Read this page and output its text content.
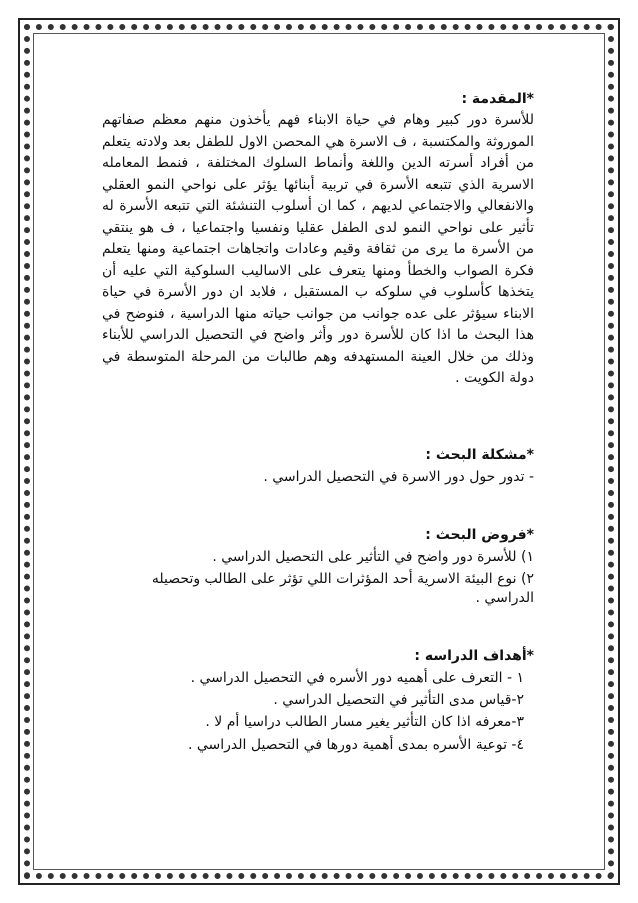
*المقدمة :

للأسرة دور كبير وهام في حياة الابناء فهم يأخذون منهم معظم صفاتهم الموروثة والمكتسبة ، ف الاسرة هي المحصن الاول للطفل بعد ولادته يتعلم من أفراد أسرته الدين واللغة وأنماط السلوك المختلفة ، فنمط المعامله الاسرية الذي تتبعه الأسرة في تربية أبنائها يؤثر على نواحي النمو العقلي والانفعالي والاجتماعي لديهم ، كما ان أسلوب التنشئة التي تتبعه الأسرة له تأثير على نواحي النمو لدى الطفل عقليا ونفسيا واجتماعيا ، ف هو ينتقي من الأسرة ما يرى من ثقافة وقيم وعادات واتجاهات اجتماعية ومنها يتعلم فكرة الصواب والخطأ ومنها يتعرف على الاساليب السلوكية التي عليه أن يتخذها كأسلوب في سلوكه ب المستقبل ، فلابد ان دور الأسرة في حياة الابناء سيؤثر على عده جوانب من جوانب حياته منها الدراسية ، فنوضح في هذا البحث ما اذا كان للأسرة دور وأثر واضح في التحصيل الدراسي للأبناء وذلك من خلال العينة المستهدفه وهم طالبات من المرحلة المتوسطة في دولة الكويت .

*مشكلة البحث :

- تدور حول دور الاسرة في التحصيل الدراسي .

*فروض البحث :

١) للأسرة دور واضح في التأثير على التحصيل الدراسي .

٢) نوع البيئة الاسرية أحد المؤثرات اللي تؤثر على الطالب وتحصيله الدراسي .

*أهداف الدراسه :

١ - التعرف على أهميه دور الأسره في التحصيل الدراسي .

٢-قياس مدى التأثير في التحصيل الدراسي .

٣-معرفه اذا كان التأثير يغير مسار الطالب دراسيا أم لا .

٤- توعية الأسره بمدى أهمية دورها في التحصيل الدراسي .
